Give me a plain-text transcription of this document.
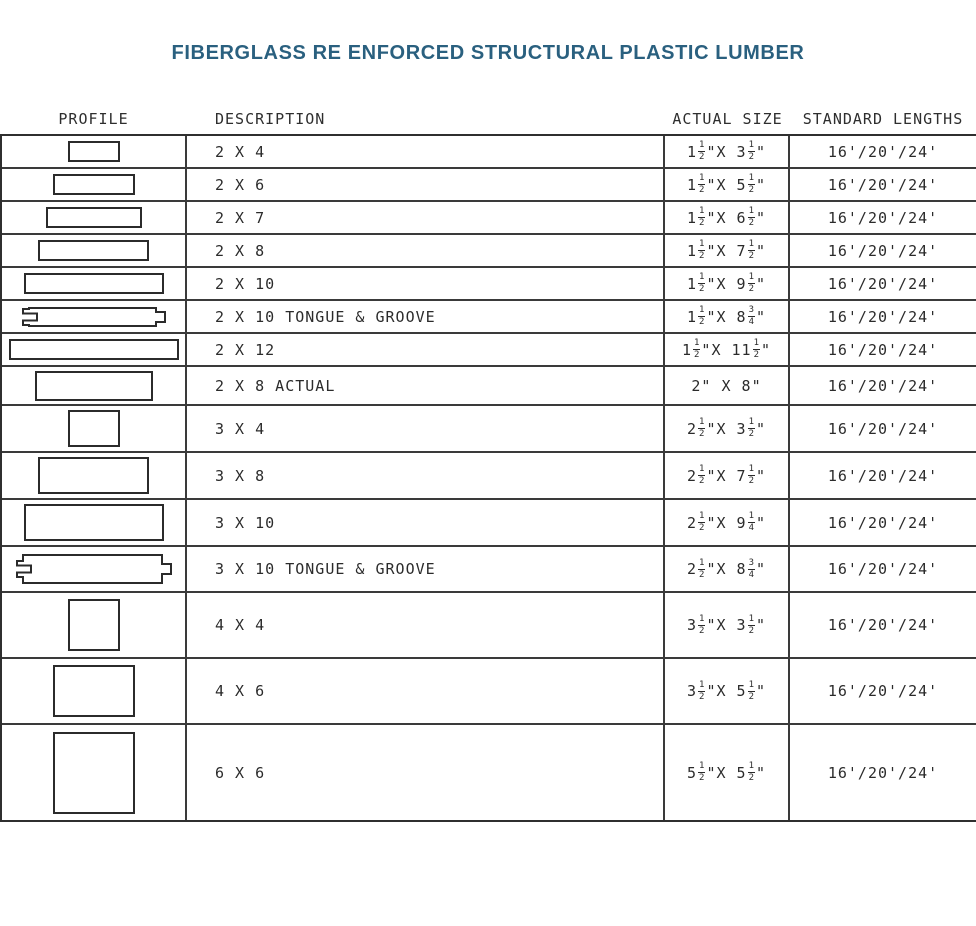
FIBERGLASS RE ENFORCED STRUCTURAL PLASTIC LUMBER
PROFILE	DESCRIPTION	ACTUAL SIZE	STANDARD LENGTHS
2 X 4	$1 \frac{1}{2}$ "X $3 \frac{1}{2}$ "	16'/20'/24'
2 X 6	$1 \frac{1}{2}$ "X $5 \frac{1}{2}$ "	16'/20'/24'
2 X 7	$1 \frac{1}{2}$ "X $6 \frac{1}{2}$ "	16'/20'/24'
2 X 8	$1 \frac{1}{2}$ "X $7 \frac{1}{2}$ "	16'/20'/24'
2 X 10	$1 \frac{1}{2}$ "X $9 \frac{1}{2}$ "	16'/20'/24'
2 X 10 TONGUE & GROOVE	$1 \frac{1}{2}$ "X $8 \frac{3}{4}$ "	16'/20'/24'
2 X 12	$1 \frac{1}{2}$ "X $11 \frac{1}{2}$ "	16'/20'/24'
2 X 8 ACTUAL	2" X 8"	16'/20'/24'
3 X 4	$2 \frac{1}{2}$ "X $3 \frac{1}{2}$ "	16'/20'/24'
3 X 8	$2 \frac{1}{2}$ "X $7 \frac{1}{2}$ "	16'/20'/24'
3 X 10	$2 \frac{1}{2}$ "X $9 \frac{1}{4}$ "	16'/20'/24'
3 X 10 TONGUE & GROOVE	$2 \frac{1}{2}$ "X $8 \frac{3}{4}$ "	16'/20'/24'
4 X 4	$3 \frac{1}{2}$ "X $3 \frac{1}{2}$ "	16'/20'/24'
4 X 6	$3 \frac{1}{2}$ "X $5 \frac{1}{2}$ "	16'/20'/24'
6 X 6	$5 \frac{1}{2}$ "X $5 \frac{1}{2}$ "	16'/20'/24'
